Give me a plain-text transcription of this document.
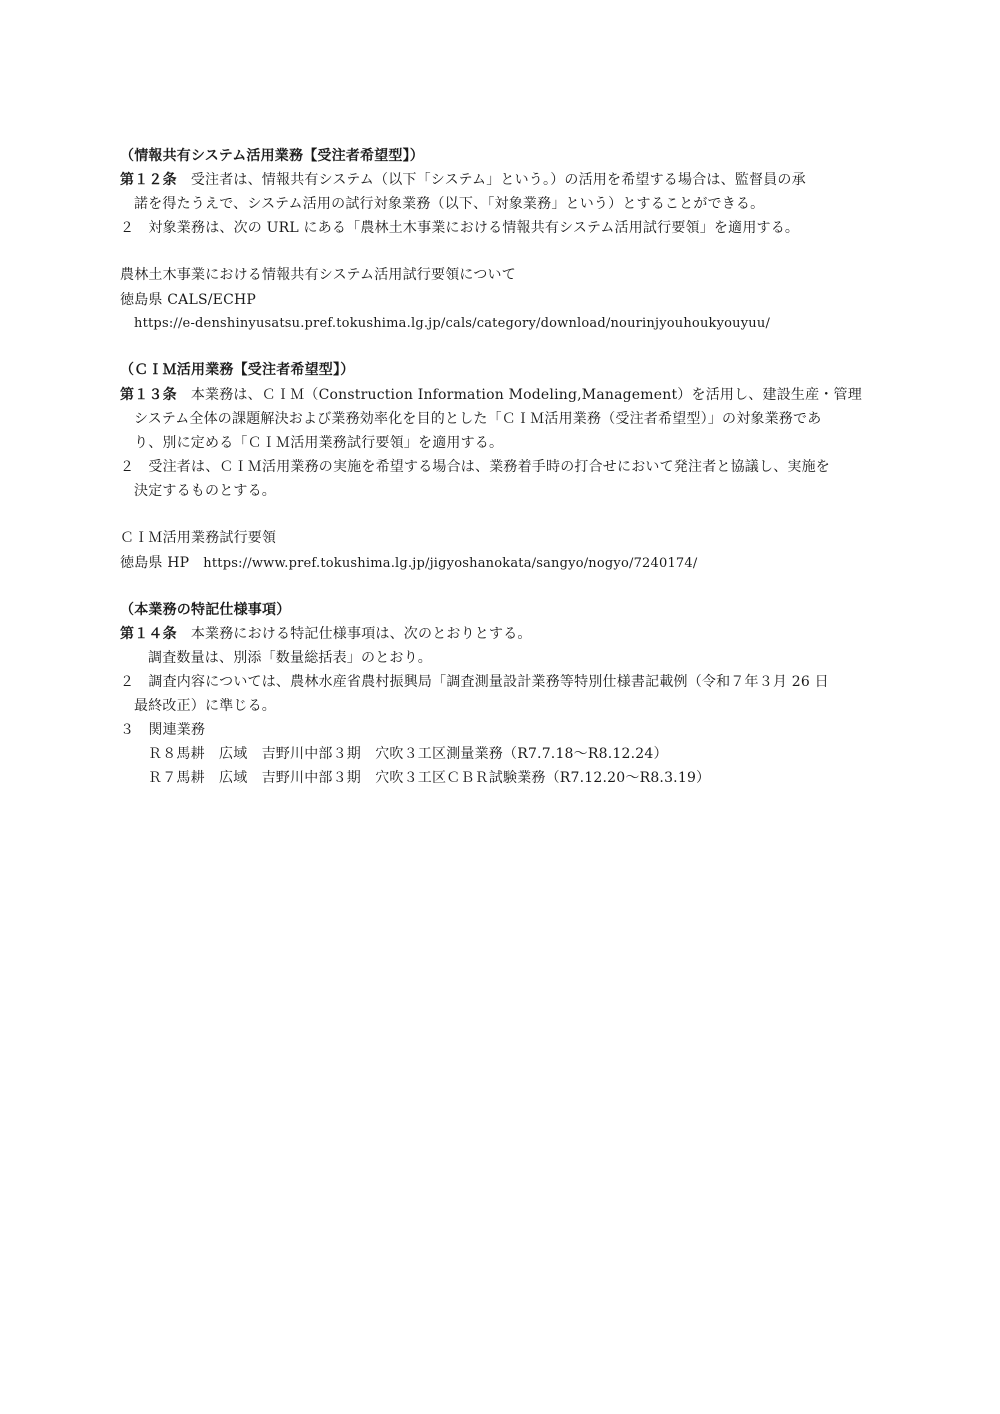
（情報共有システム活用業務【受注者希望型】）
第１２条 受注者は、情報共有システム（以下「システム」という。）の活用を希望する場合は、監督員の承
諾を得たうえで、システム活用の試行対象業務（以下、「対象業務」という）とすることができる。
２　対象業務は、次の URL にある「農林土木事業における情報共有システム活用試行要領」を適用する。
農林土木事業における情報共有システム活用試行要領について
徳島県 CALS/ECHP
https://e-denshinyusatsu.pref.tokushima.lg.jp/cals/category/download/nourinjyouhoukyouyuu/
（ＣＩＭ活用業務【受注者希望型】）
第１３条 本業務は、ＣＩＭ（Construction Information Modeling,Management）を活用し、建設生産・管理
システム全体の課題解決および業務効率化を目的とした「ＣＩＭ活用業務（受注者希望型）」の対象業務であ
り、別に定める「ＣＩＭ活用業務試行要領」を適用する。
２　受注者は、ＣＩＭ活用業務の実施を希望する場合は、業務着手時の打合せにおいて発注者と協議し、実施を
決定するものとする。
ＣＩＭ活用業務試行要領
徳島県 HP https://www.pref.tokushima.lg.jp/jigyoshanokata/sangyo/nogyo/7240174/
（本業務の特記仕様事項）
第１４条 本業務における特記仕様事項は、次のとおりとする。
調査数量は、別添「数量総括表」のとおり。
２　調査内容については、農林水産省農村振興局「調査測量設計業務等特別仕様書記載例（令和７年３月 26 日
最終改正）に準じる。
３　関連業務
Ｒ８馬耕　広域　吉野川中部３期　穴吹３工区測量業務（R7.7.18～R8.12.24）
Ｒ７馬耕　広域　吉野川中部３期　穴吹３工区ＣＢＲ試験業務（R7.12.20～R8.3.19）
